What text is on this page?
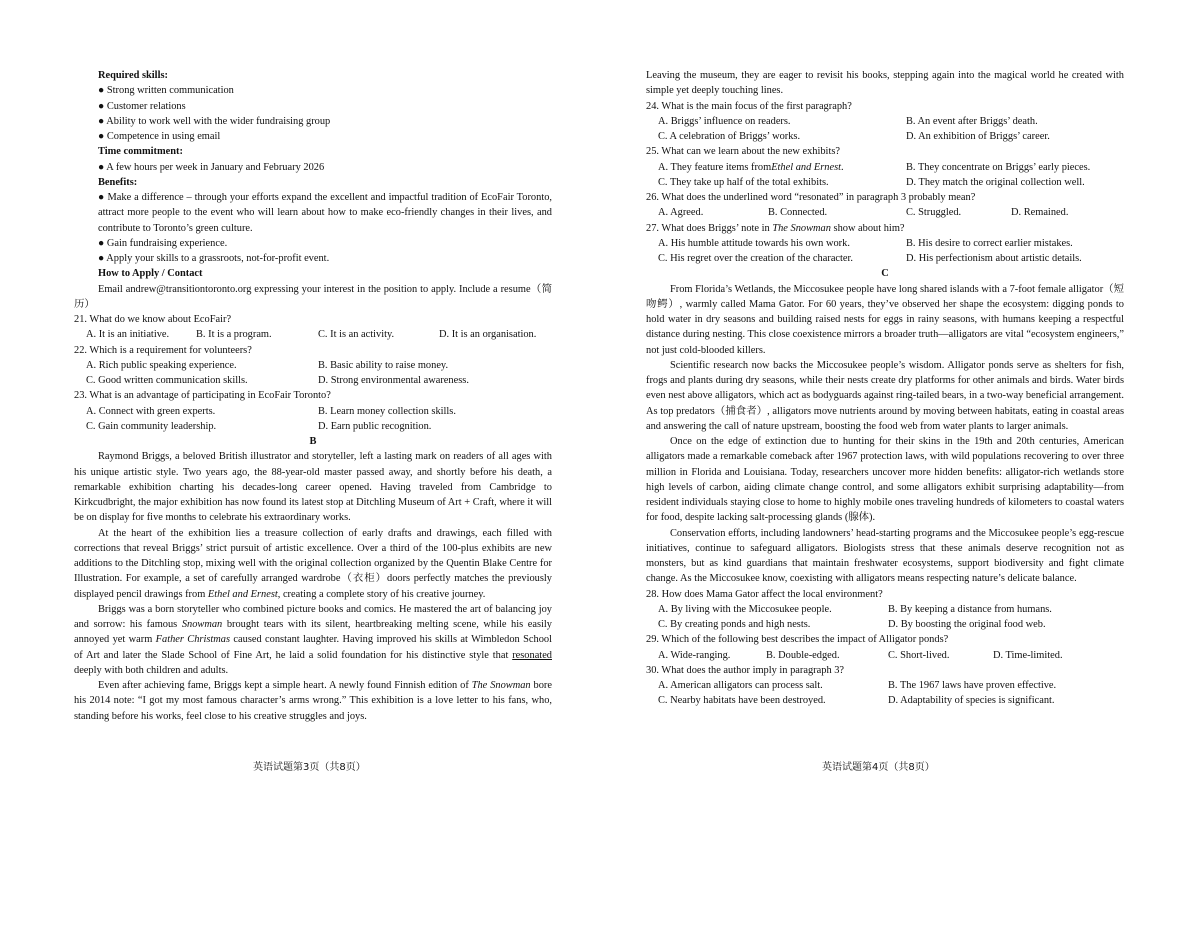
Required skills:
● Strong written communication
● Customer relations
● Ability to work well with the wider fundraising group
● Competence in using email
Time commitment:
● A few hours per week in January and February 2026
Benefits:
● Make a difference – through your efforts expand the excellent and impactful tradition of EcoFair Toronto, attract more people to the event who will learn about how to make eco-friendly changes in their lives, and contribute to Toronto’s green culture.
● Gain fundraising experience.
● Apply your skills to a grassroots, not-for-profit event.
How to Apply / Contact
Email andrew@transitiontoronto.org expressing your interest in the position to apply. Include a resume（简历）
21. What do we know about EcoFair?
A. It is an initiative.	B. It is a program.	C. It is an activity.	D. It is an organisation.
22. Which is a requirement for volunteers?
A. Rich public speaking experience.	B. Basic ability to raise money.
C. Good written communication skills.	D. Strong environmental awareness.
23. What is an advantage of participating in EcoFair Toronto?
A. Connect with green experts.	B. Learn money collection skills.
C. Gain community leadership.	D. Earn public recognition.
B
Raymond Briggs, a beloved British illustrator and storyteller, left a lasting mark on readers of all ages with his unique artistic style. Two years ago, the 88-year-old master passed away, and shortly before his death, a remarkable exhibition charting his decades-long career opened. Having traveled from Cambridge to Kirkcudbright, the major exhibition has now found its latest stop at Ditchling Museum of Art + Craft, where it will be on display for five months to celebrate his extraordinary works.
At the heart of the exhibition lies a treasure collection of early drafts and drawings, each filled with corrections that reveal Briggs’ strict pursuit of artistic excellence. Over a third of the 100-plus exhibits are new additions to the Ditchling stop, mixing well with the original collection organized by the Quentin Blake Centre for Illustration. For example, a set of carefully arranged wardrobe（衣柜）doors perfectly matches the previously displayed pencil drawings from Ethel and Ernest, creating a complete story of his creative journey.
Briggs was a born storyteller who combined picture books and comics. He mastered the art of balancing joy and sorrow: his famous Snowman brought tears with its silent, heartbreaking melting scene, while his easily annoyed yet warm Father Christmas caused constant laughter. Having improved his skills at Wimbledon School of Art and later the Slade School of Fine Art, he laid a solid foundation for his distinctive style that resonated deeply with both children and adults.
Even after achieving fame, Briggs kept a simple heart. A newly found Finnish edition of The Snowman bore his 2014 note: “I got my most famous character’s arms wrong.” This exhibition is a love letter to his fans, who, standing before his works, feel close to his creative struggles and joys.
Leaving the museum, they are eager to revisit his books, stepping again into the magical world he created with simple yet deeply touching lines.
24. What is the main focus of the first paragraph?
A. Briggs’ influence on readers.	B. An event after Briggs’ death.
C. A celebration of Briggs’ works.	D. An exhibition of Briggs’ career.
25. What can we learn about the new exhibits?
A. They feature items fromEthel and Ernest.	B. They concentrate on Briggs’ early pieces.
C. They take up half of the total exhibits.	D. They match the original collection well.
26. What does the underlined word “resonated” in paragraph 3 probably mean?
A. Agreed.	B. Connected.	C. Struggled.	D. Remained.
27. What does Briggs’ note in The Snowman show about him?
A. His humble attitude towards his own work.	B. His desire to correct earlier mistakes.
C. His regret over the creation of the character.	D. His perfectionism about artistic details.
C
From Florida’s Wetlands, the Miccosukee people have long shared islands with a 7-foot female alligator（短吻鳄）, warmly called Mama Gator. For 60 years, they’ve observed her shape the ecosystem: digging ponds to hold water in dry seasons and building raised nests for eggs in rainy seasons, with humans keeping a respectful distance during nesting. This close coexistence mirrors a broader truth—alligators are vital “ecosystem engineers,” not just cold-blooded killers.
Scientific research now backs the Miccosukee people’s wisdom. Alligator ponds serve as shelters for fish, frogs and plants during dry seasons, while their nests create dry platforms for other animals and birds. Water birds even nest above alligators, which act as bodyguards against ring-tailed bears, in a two-way beneficial arrangement. As top predators（捕食者）, alligators move nutrients around by moving between habitats, eating in coastal areas and answering the call of nature upstream, boosting the food web from water plants to larger animals.
Once on the edge of extinction due to hunting for their skins in the 19th and 20th centuries, American alligators made a remarkable comeback after 1967 protection laws, with wild populations recovering to over three million in Florida and Louisiana. Today, researchers uncover more hidden benefits: alligator-rich wetlands store high levels of carbon, aiding climate change control, and some alligators exhibit surprising adaptability—from resident individuals staying close to home to highly mobile ones traveling hundreds of kilometers to coastal waters for food, despite lacking salt-processing glands (腺体).
Conservation efforts, including landowners’ head-starting programs and the Miccosukee people’s egg-rescue initiatives, continue to safeguard alligators. Biologists stress that these animals deserve recognition not as monsters, but as kind guardians that maintain freshwater ecosystems, support biodiversity and fight climate change. As the Miccosukee know, coexisting with alligators means respecting nature’s delicate balance.
28. How does Mama Gator affect the local environment?
A. By living with the Miccosukee people.	B. By keeping a distance from humans.
C. By creating ponds and high nests.	D. By boosting the original food web.
29. Which of the following best describes the impact of Alligator ponds?
A. Wide-ranging.	B. Double-edged.	C. Short-lived.	D. Time-limited.
30. What does the author imply in paragraph 3?
A. American alligators can process salt.	B. The 1967 laws have proven effective.
C. Nearby habitats have been destroyed.	D. Adaptability of species is significant.
英语试题第3页（共8页）	英语试题第4页（共8页）
